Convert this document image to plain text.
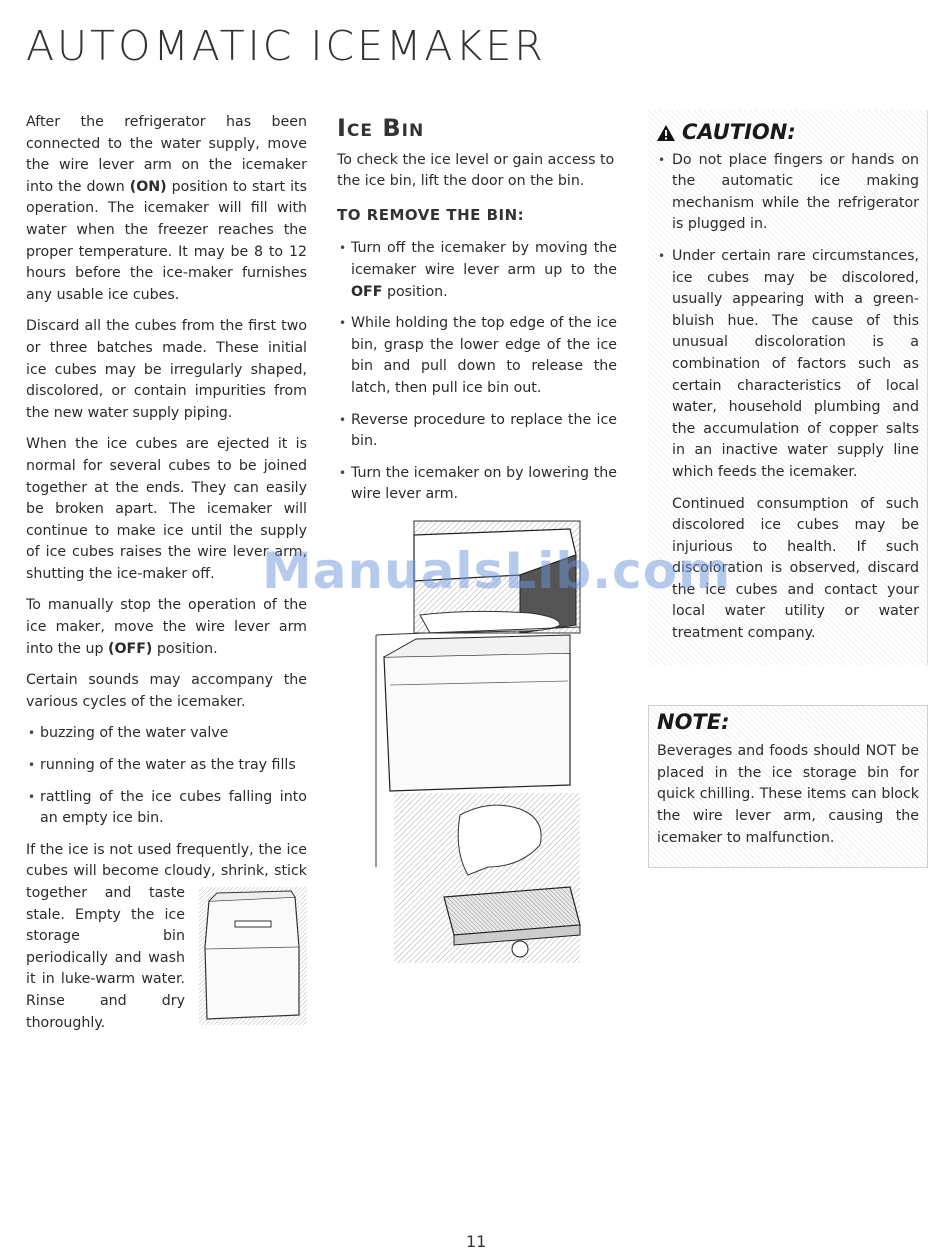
AUTOMATIC ICEMAKER

After the refrigerator has been connected to the water supply, move the wire lever arm on the icemaker into the down (ON) position to start its operation. The icemaker will fill with water when the freezer reaches the proper temperature. It may be 8 to 12 hours before the ice-maker furnishes any usable ice cubes.

Discard all the cubes from the first two or three batches made. These initial ice cubes may be irregularly shaped, discolored, or contain impurities from the new water supply piping.

When the ice cubes are ejected it is normal for several cubes to be joined together at the ends. They can easily be broken apart. The icemaker will continue to make ice until the supply of ice cubes raises the wire lever arm, shutting the ice-maker off.

To manually stop the operation of the ice maker, move the wire lever arm into the up (OFF) position.

Certain sounds may accompany the various cycles of the icemaker.

• buzzing of the water valve
• running of the water as the tray fills
• rattling of the ice cubes falling into an empty ice bin.

If the ice is not used frequently, the ice cubes will become cloudy, shrink, stick
together and taste stale. Empty the ice storage bin periodically and wash it in luke-warm water. Rinse and dry thoroughly.

Ice Bin

To check the ice level or gain access to the ice bin, lift the door on the bin.

TO REMOVE THE BIN:
• Turn off the icemaker by moving the icemaker wire lever arm up to the OFF position.
• While holding the top edge of the ice bin, grasp the lower edge of the ice bin and pull down to release the latch, then pull ice bin out.
• Reverse procedure to replace the ice bin.
• Turn the icemaker on by lowering the wire lever arm.
CAUTION:
• Do not place fingers or hands on the automatic ice making mechanism while the refrigerator is plugged in.
• Under certain rare circumstances, ice cubes may be discolored, usually appearing with a green-bluish hue. The cause of this unusual discoloration is a combination of factors such as certain characteristics of local water, household plumbing and the accumulation of copper salts in an inactive water supply line which feeds the icemaker.

Continued consumption of such discolored ice cubes may be injurious to health. If such discoloration is observed, discard the ice cubes and contact your local water utility or water treatment company.

NOTE:

Beverages and foods should NOT be placed in the ice storage bin for quick chilling. These items can block the wire lever arm, causing the icemaker to malfunction.

ManualsLib.com
11
